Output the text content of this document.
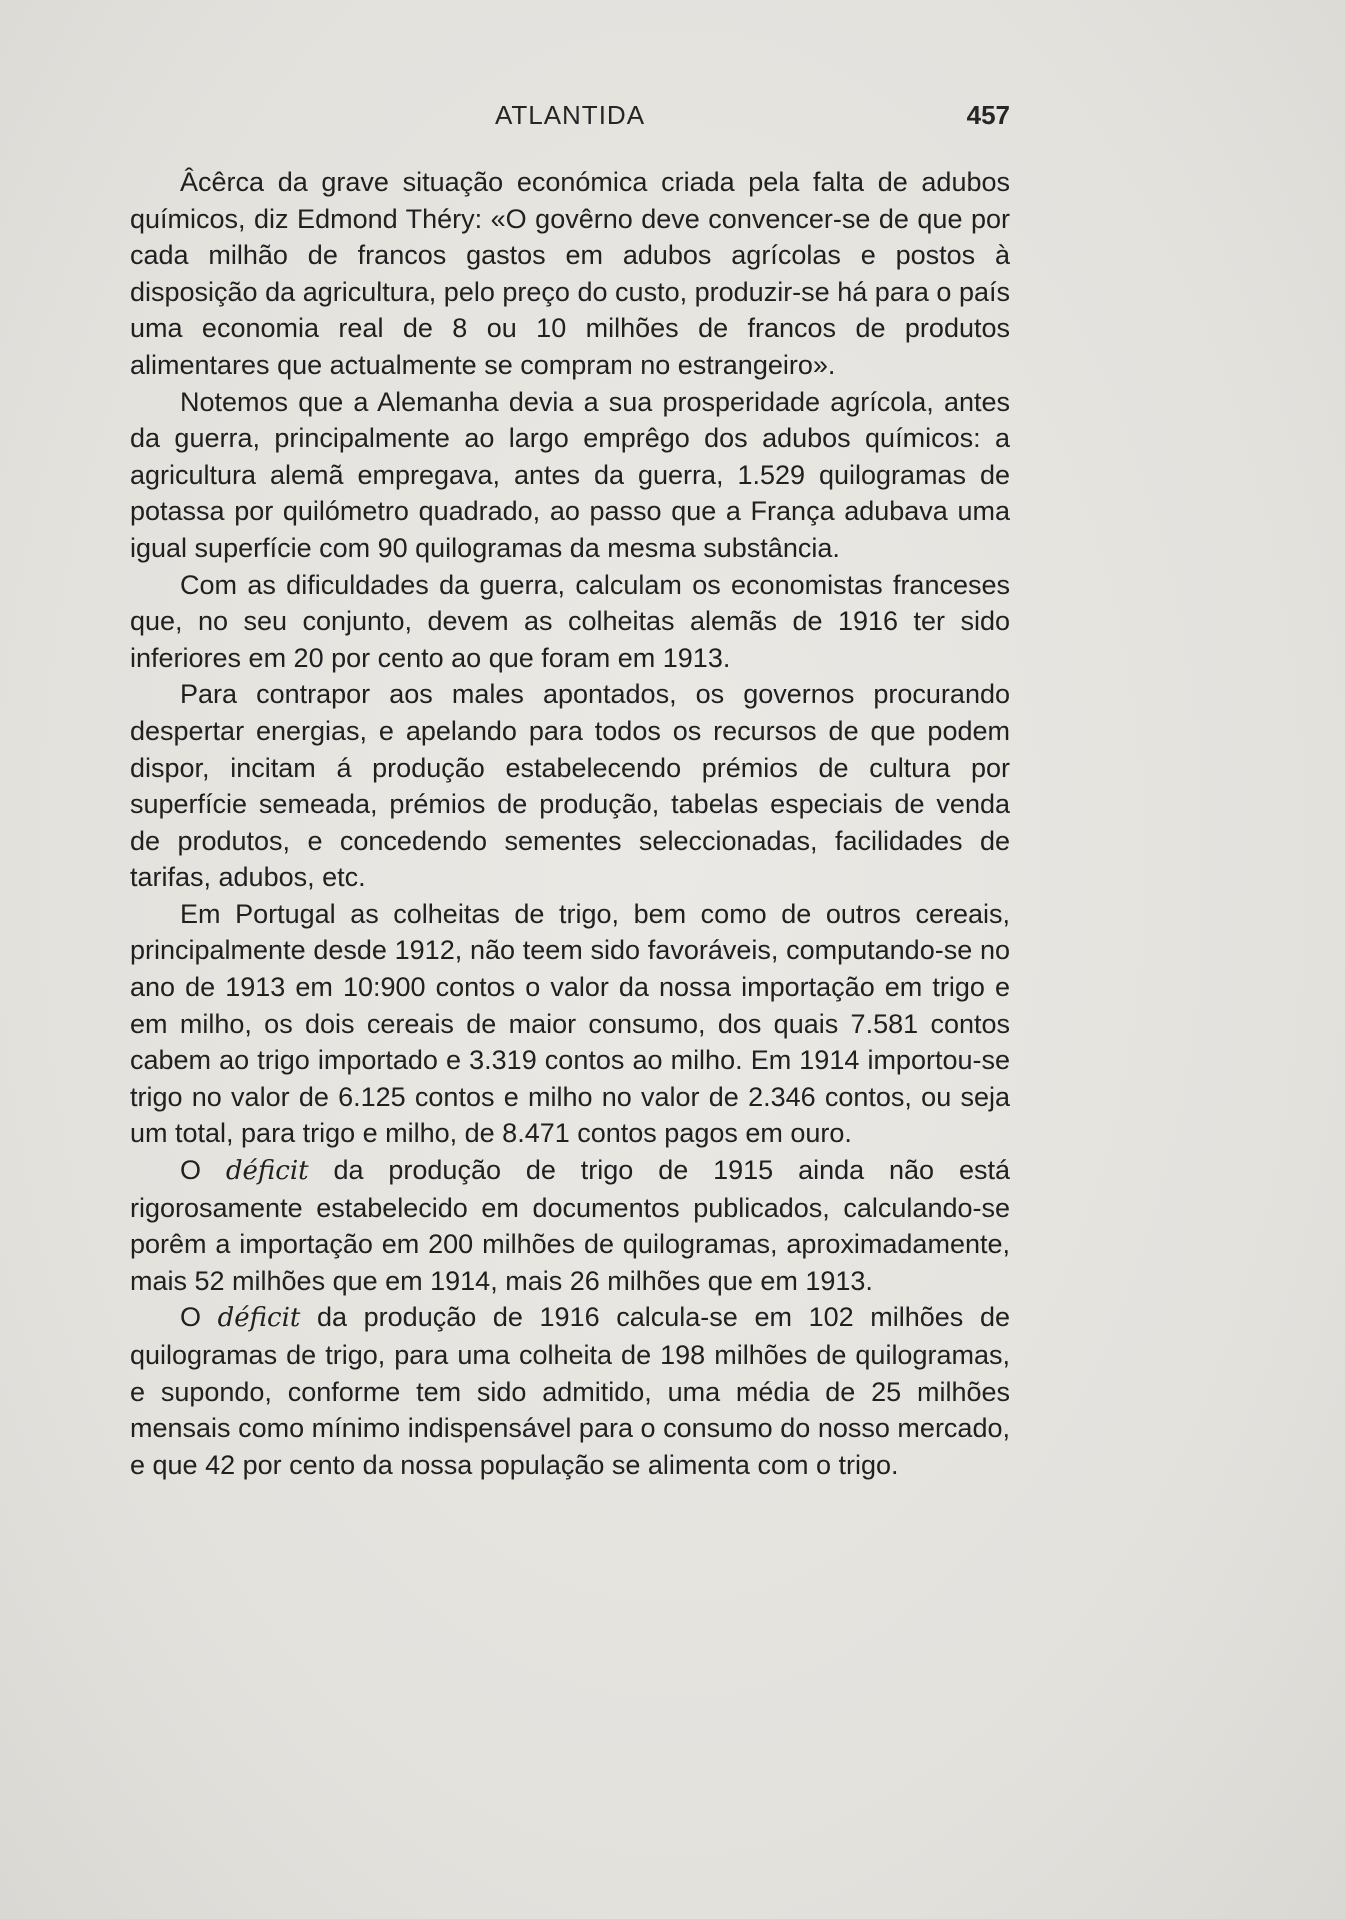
ATLANTIDA	457

Âcêrca da grave situação económica criada pela falta de adubos químicos, diz Edmond Théry: «O govêrno deve convencer-se de que por cada milhão de francos gastos em adubos agrícolas e postos à disposição da agricultura, pelo preço do custo, produzir-se há para o país uma economia real de 8 ou 10 milhões de francos de produtos alimentares que actualmente se compram no estrangeiro».

Notemos que a Alemanha devia a sua prosperidade agrícola, antes da guerra, principalmente ao largo emprêgo dos adubos químicos: a agricultura alemã empregava, antes da guerra, 1.529 quilogramas de potassa por quilómetro quadrado, ao passo que a França adubava uma igual superfície com 90 quilogramas da mesma substância.

Com as dificuldades da guerra, calculam os economistas franceses que, no seu conjunto, devem as colheitas alemãs de 1916 ter sido inferiores em 20 por cento ao que foram em 1913.

Para contrapor aos males apontados, os governos procurando despertar energias, e apelando para todos os recursos de que podem dispor, incitam á produção estabelecendo prémios de cultura por superfície semeada, prémios de produção, tabelas especiais de venda de produtos, e concedendo sementes seleccionadas, facilidades de tarifas, adubos, etc.

Em Portugal as colheitas de trigo, bem como de outros cereais, principalmente desde 1912, não teem sido favoráveis, computando-se no ano de 1913 em 10:900 contos o valor da nossa importação em trigo e em milho, os dois cereais de maior consumo, dos quais 7.581 contos cabem ao trigo importado e 3.319 contos ao milho. Em 1914 importou-se trigo no valor de 6.125 contos e milho no valor de 2.346 contos, ou seja um total, para trigo e milho, de 8.471 contos pagos em ouro.

O déficit da produção de trigo de 1915 ainda não está rigorosamente estabelecido em documentos publicados, calculando-se porêm a importação em 200 milhões de quilogramas, aproximadamente, mais 52 milhões que em 1914, mais 26 milhões que em 1913.

O déficit da produção de 1916 calcula-se em 102 milhões de quilogramas de trigo, para uma colheita de 198 milhões de quilogramas, e supondo, conforme tem sido admitido, uma média de 25 milhões mensais como mínimo indispensável para o consumo do nosso mercado, e que 42 por cento da nossa população se alimenta com o trigo.
